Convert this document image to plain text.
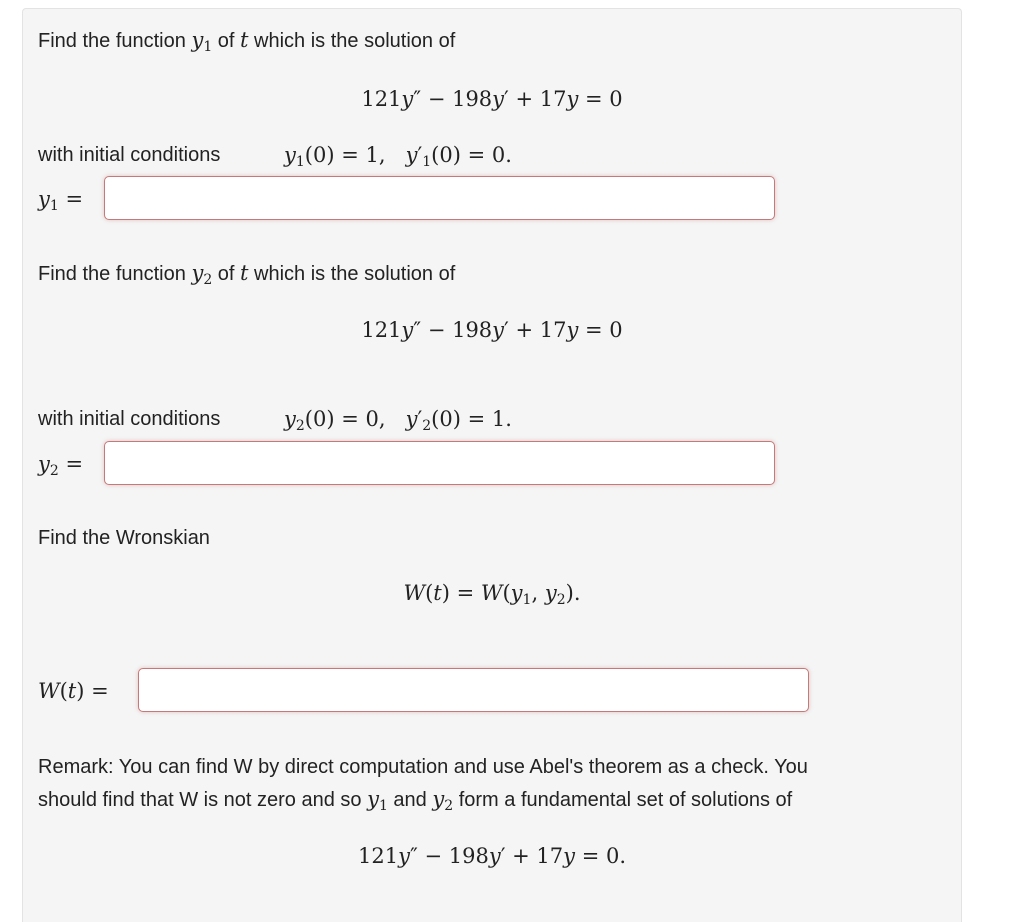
Find the function $y_1$ of t which is the solution of
121y″ − 198y′ + 17y = 0
with initial conditions	$y_1(0) = 1$,   $y'_1(0) = 0$.
$y_1$ =
Find the function $y_2$ of t which is the solution of
121y″ − 198y′ + 17y = 0
with initial conditions	$y_2(0) = 0$,   $y'_2(0) = 1$.
$y_2$ =
Find the Wronskian
$W(t) = W(y_1$, $y_2$).
W(t) =
Remark: You can find W by direct computation and use Abel's theorem as a check. You
should find that W is not zero and so $y_1$ and $y_2$ form a fundamental set of solutions of
121y″ − 198y′ + 17y = 0.
